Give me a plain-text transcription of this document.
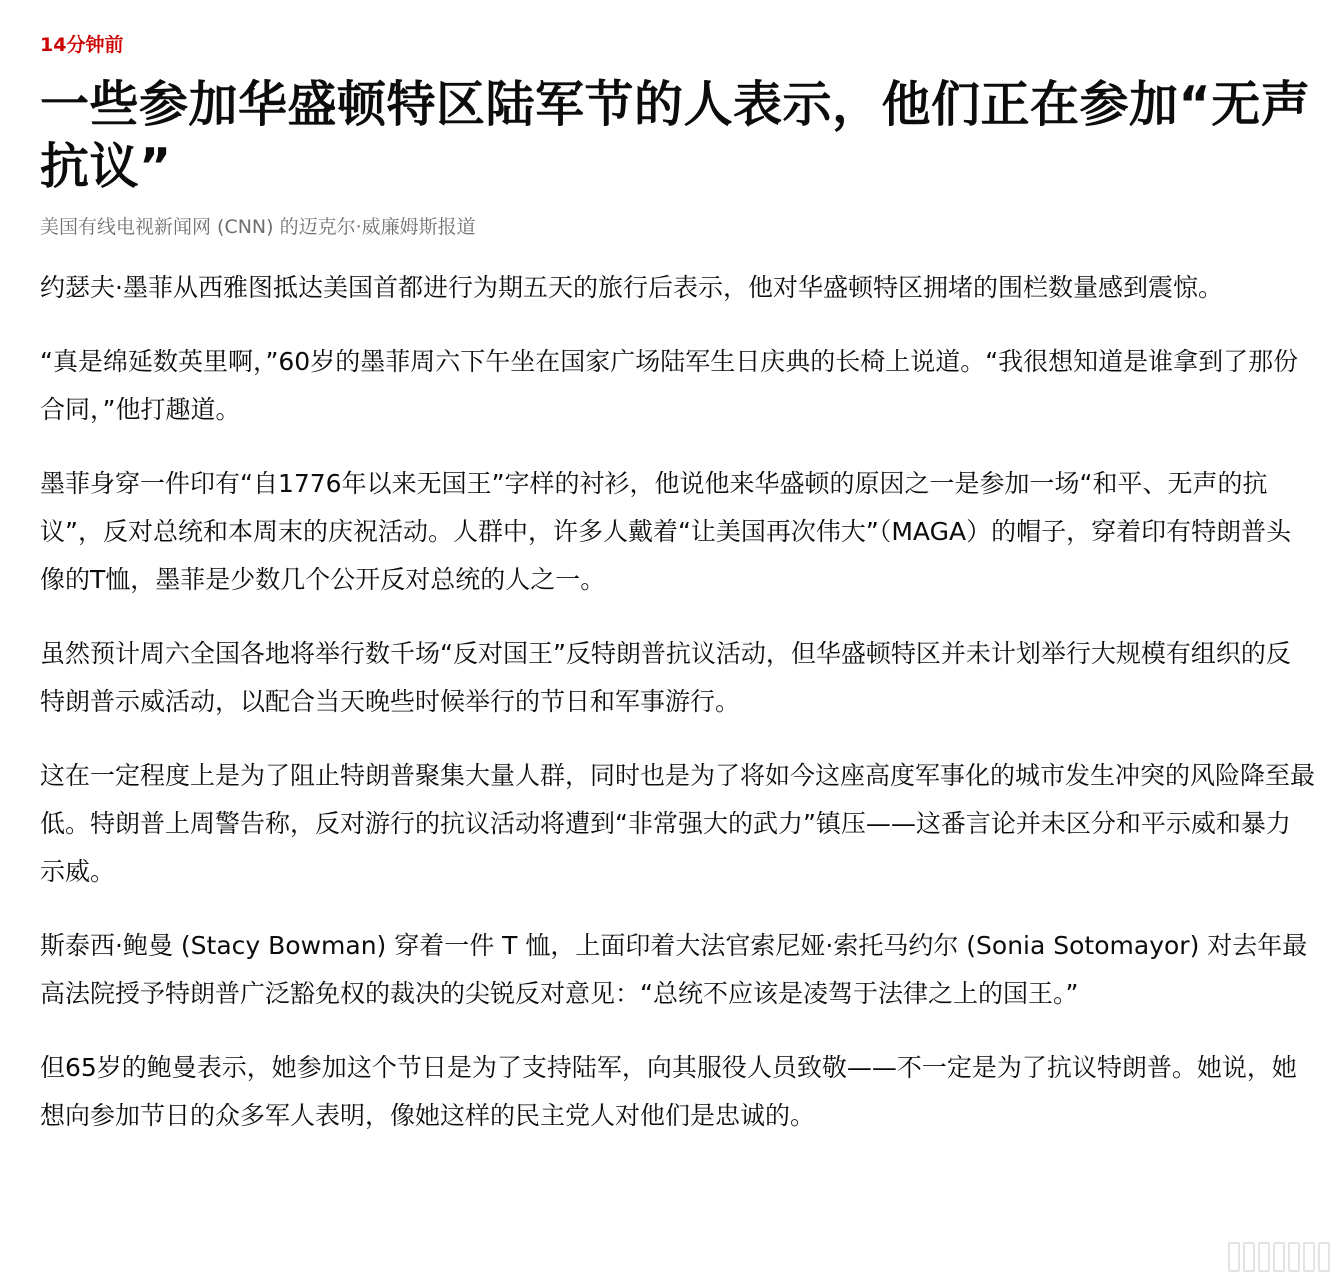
14分钟前

一些参加华盛顿特区陆军节的人表示，他们正在参加“无声抗议”

美国有线电视新闻网 (CNN) 的迈克尔·威廉姆斯报道

约瑟夫·墨菲从西雅图抵达美国首都进行为期五天的旅行后表示，他对华盛顿特区拥堵的围栏数量感到震惊。

“真是绵延数英里啊，”60岁的墨菲周六下午坐在国家广场陆军生日庆典的长椅上说道。“我很想知道是谁拿到了那份合同，”他打趣道。

墨菲身穿一件印有“自1776年以来无国王”字样的衬衫，他说他来华盛顿的原因之一是参加一场“和平、无声的抗议”，反对总统和本周末的庆祝活动。人群中，许多人戴着“让美国再次伟大”（MAGA）的帽子，穿着印有特朗普头像的T恤，墨菲是少数几个公开反对总统的人之一。

虽然预计周六全国各地将举行数千场“反对国王”反特朗普抗议活动，但华盛顿特区并未计划举行大规模有组织的反特朗普示威活动，以配合当天晚些时候举行的节日和军事游行。

这在一定程度上是为了阻止特朗普聚集大量人群，同时也是为了将如今这座高度军事化的城市发生冲突的风险降至最低。特朗普上周警告称，反对游行的抗议活动将遭到“非常强大的武力”镇压——这番言论并未区分和平示威和暴力示威。

斯泰西·鲍曼 (Stacy Bowman) 穿着一件 T 恤，上面印着大法官索尼娅·索托马约尔 (Sonia Sotomayor) 对去年最高法院授予特朗普广泛豁免权的裁决的尖锐反对意见：“总统不应该是凌驾于法律之上的国王。”

但65岁的鲍曼表示，她参加这个节日是为了支持陆军，向其服役人员致敬——不一定是为了抗议特朗普。她说，她想向参加节日的众多军人表明，像她这样的民主党人对他们是忠诚的。
